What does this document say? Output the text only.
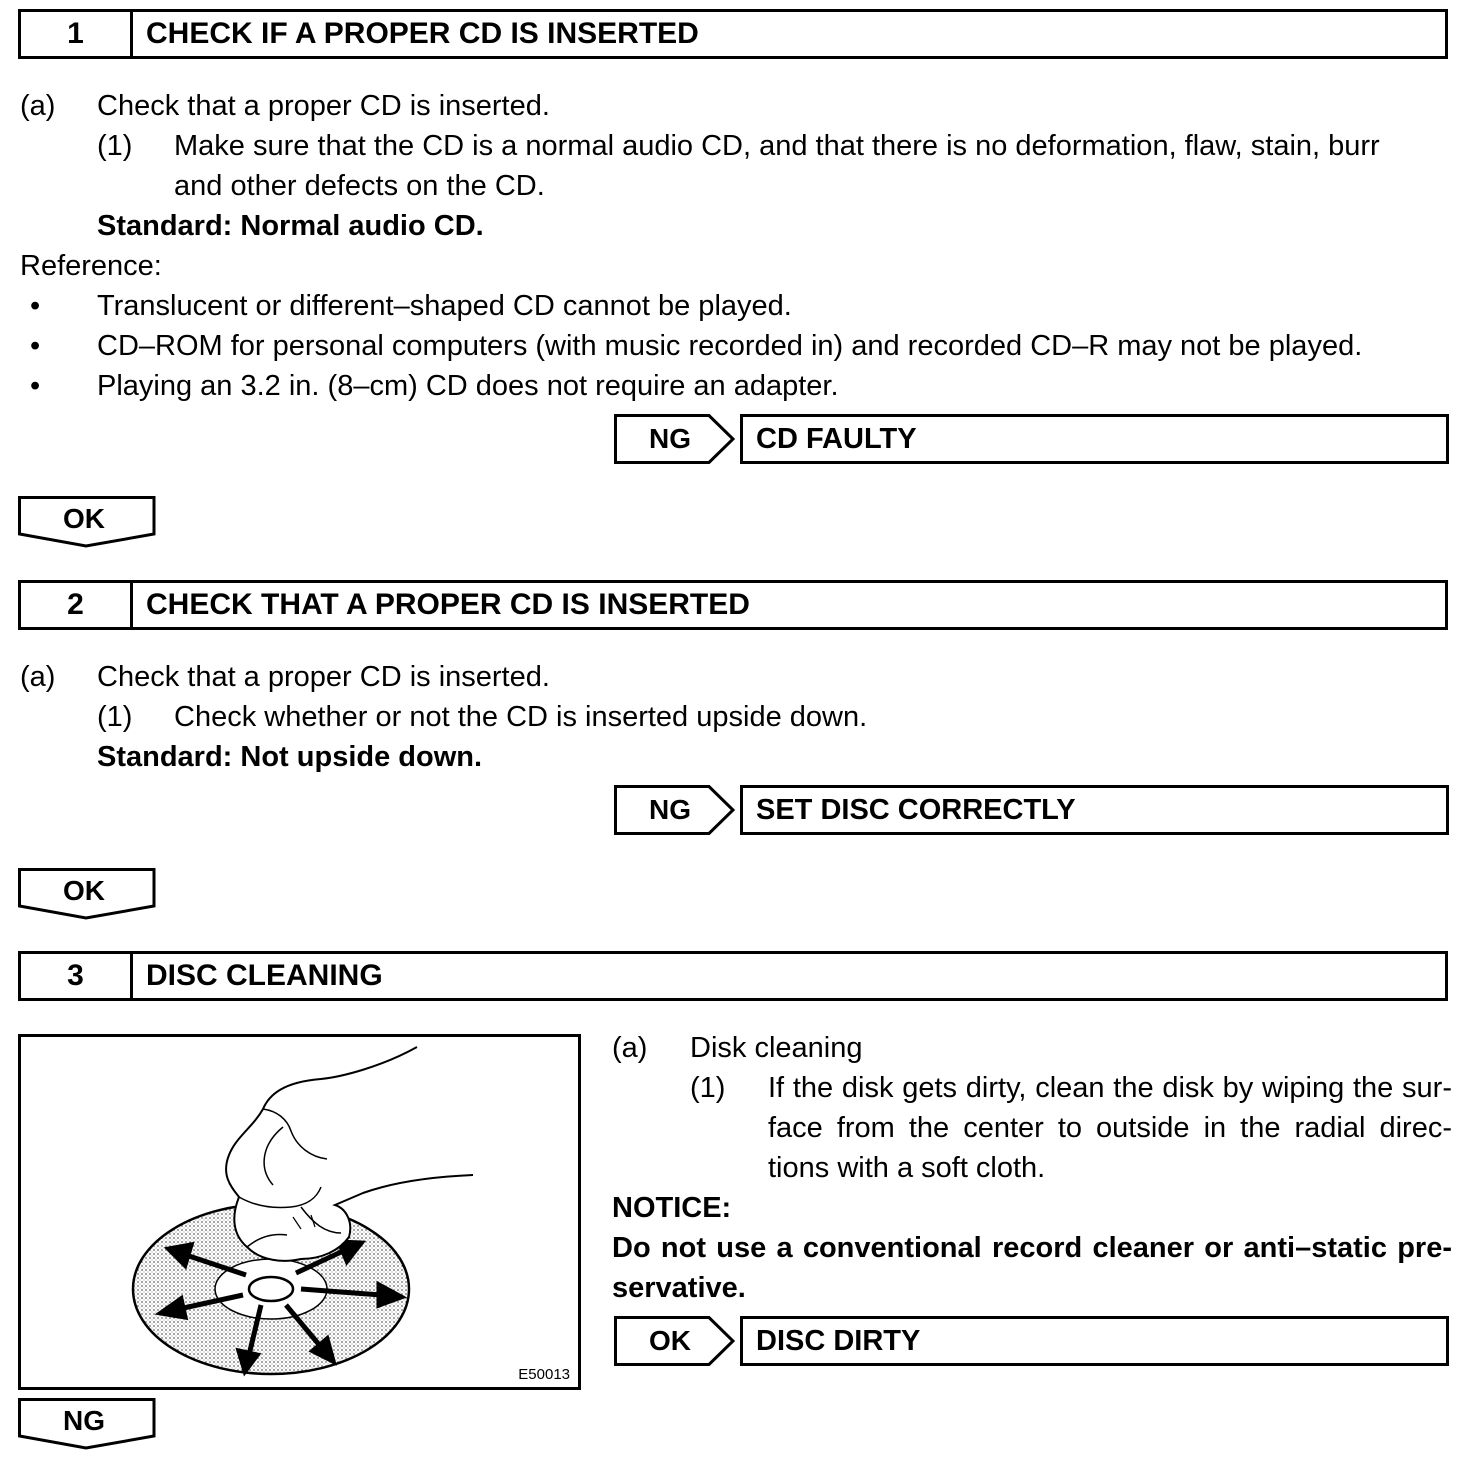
1	CHECK IF A PROPER CD IS INSERTED
(a) Check that a proper CD is inserted.
(1) Make sure that the CD is a normal audio CD, and that there is no deformation, flaw, stain, burr
and other defects on the CD.
Standard: Normal audio CD.
Reference:
• Translucent or different–shaped CD cannot be played.
• CD–ROM for personal computers (with music recorded in) and recorded CD–R may not be played.
• Playing an 3.2 in. (8–cm) CD does not require an adapter.
NG	CD FAULTY
OK
2	CHECK THAT A PROPER CD IS INSERTED
(a) Check that a proper CD is inserted.
(1) Check whether or not the CD is inserted upside down.
Standard: Not upside down.
NG	SET DISC CORRECTLY
OK
3	DISC CLEANING
E50013
(a) Disk cleaning
(1) If the disk gets dirty, clean the disk by wiping the sur-
face from the center to outside in the radial direc-
tions with a soft cloth.
NOTICE:
Do not use a conventional record cleaner or anti–static pre-
servative.
OK	DISC DIRTY
NG
